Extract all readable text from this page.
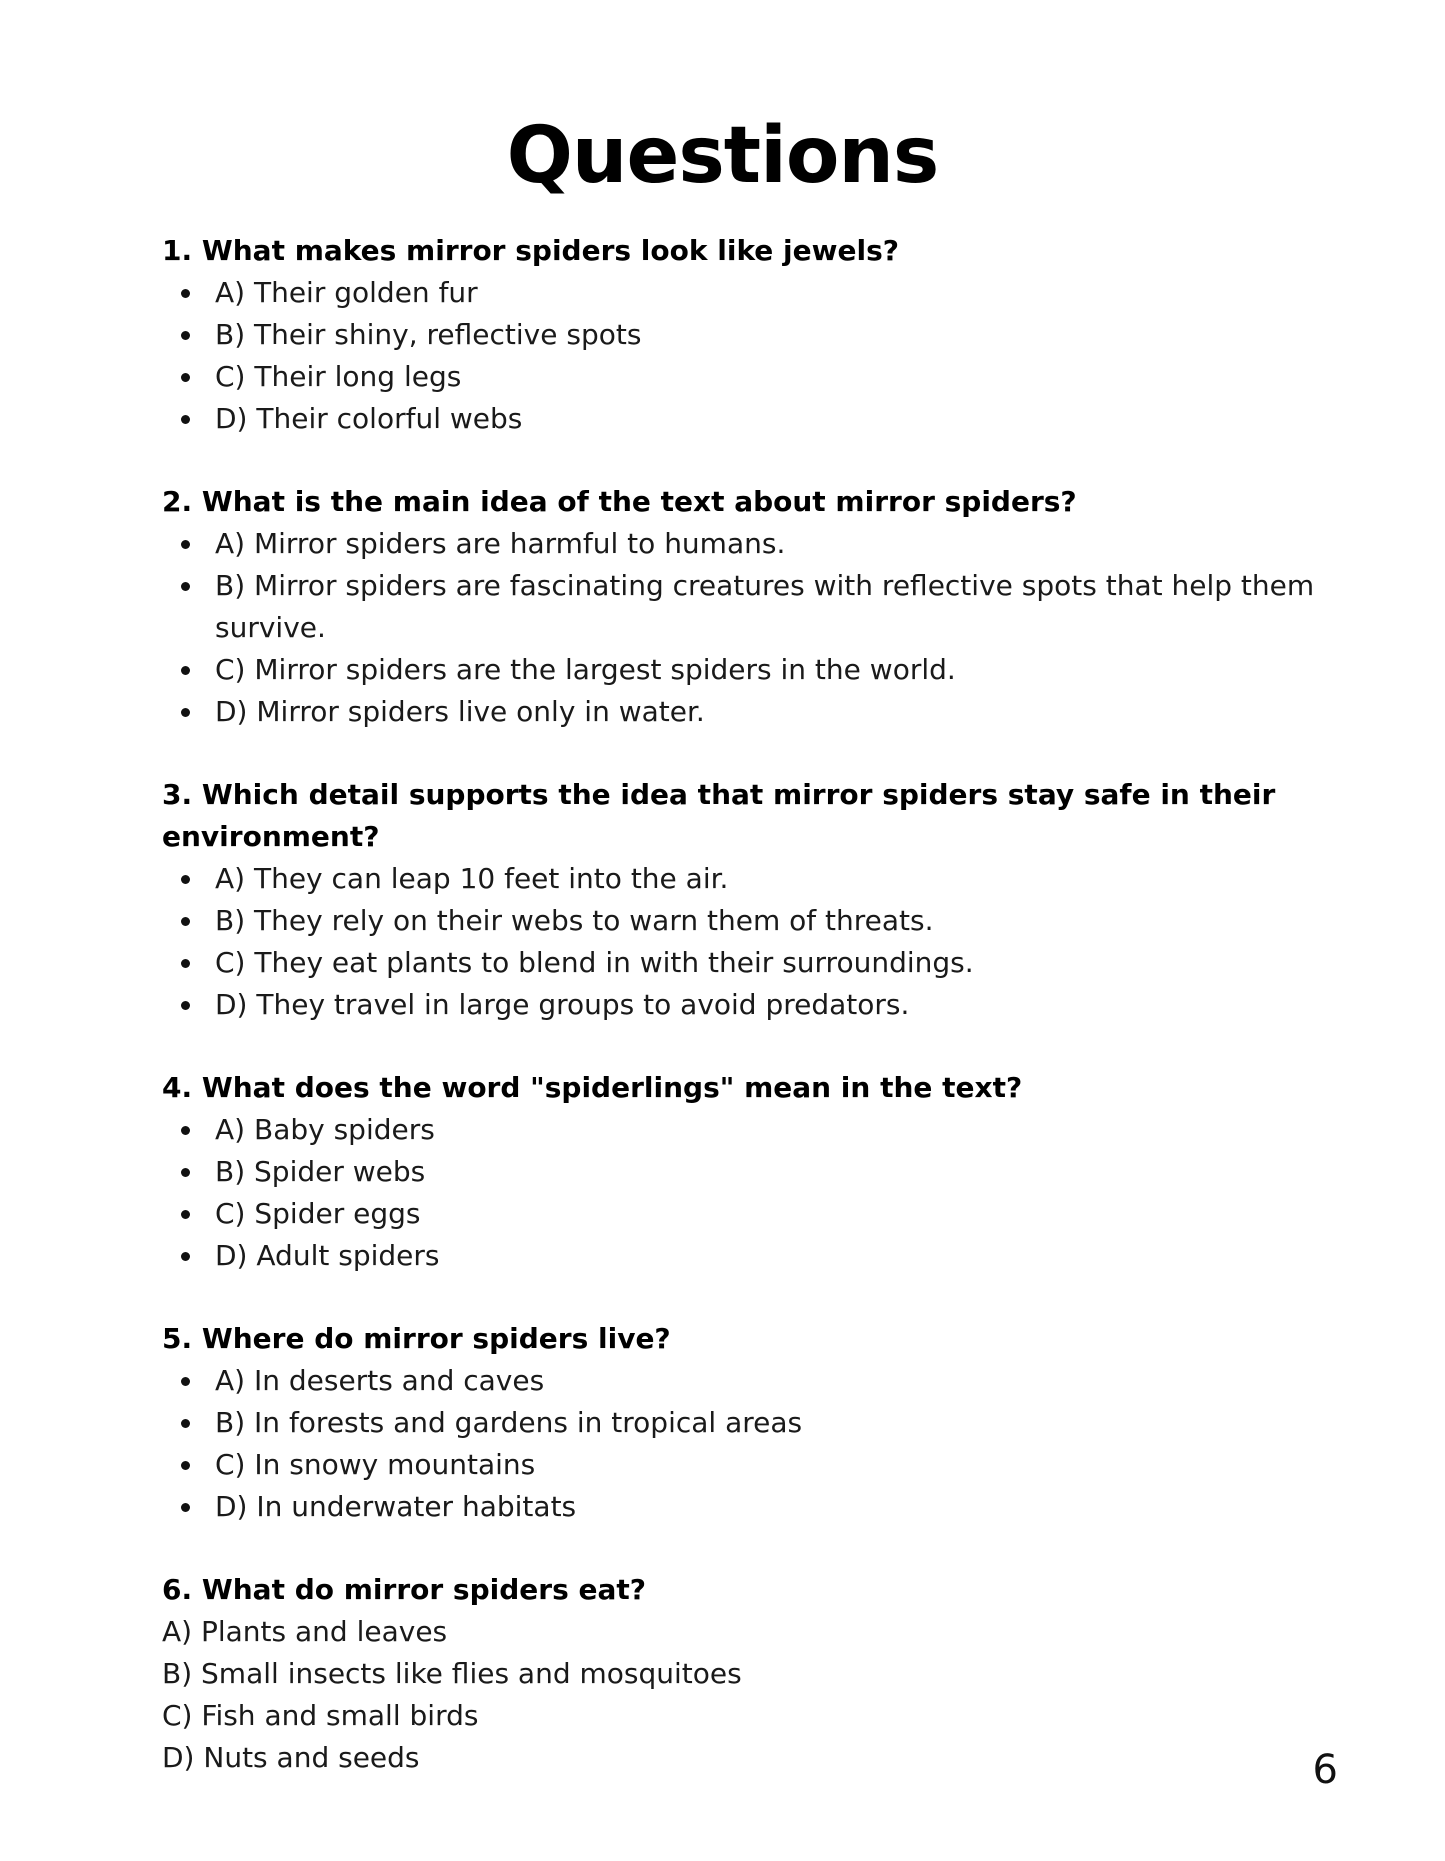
Questions

1. What makes mirror spiders look like jewels?

A) Their golden fur
B) Their shiny, reflective spots
C) Their long legs
D) Their colorful webs

2. What is the main idea of the text about mirror spiders?

A) Mirror spiders are harmful to humans.
B) Mirror spiders are fascinating creatures with reflective spots that help them survive.
C) Mirror spiders are the largest spiders in the world.
D) Mirror spiders live only in water.

3. Which detail supports the idea that mirror spiders stay safe in their environment?

A) They can leap 10 feet into the air.
B) They rely on their webs to warn them of threats.
C) They eat plants to blend in with their surroundings.
D) They travel in large groups to avoid predators.

4. What does the word "spiderlings" mean in the text?

A) Baby spiders
B) Spider webs
C) Spider eggs
D) Adult spiders

5. Where do mirror spiders live?

A) In deserts and caves
B) In forests and gardens in tropical areas
C) In snowy mountains
D) In underwater habitats

6. What do mirror spiders eat?

A) Plants and leaves
B) Small insects like flies and mosquitoes
C) Fish and small birds
D) Nuts and seeds	6
